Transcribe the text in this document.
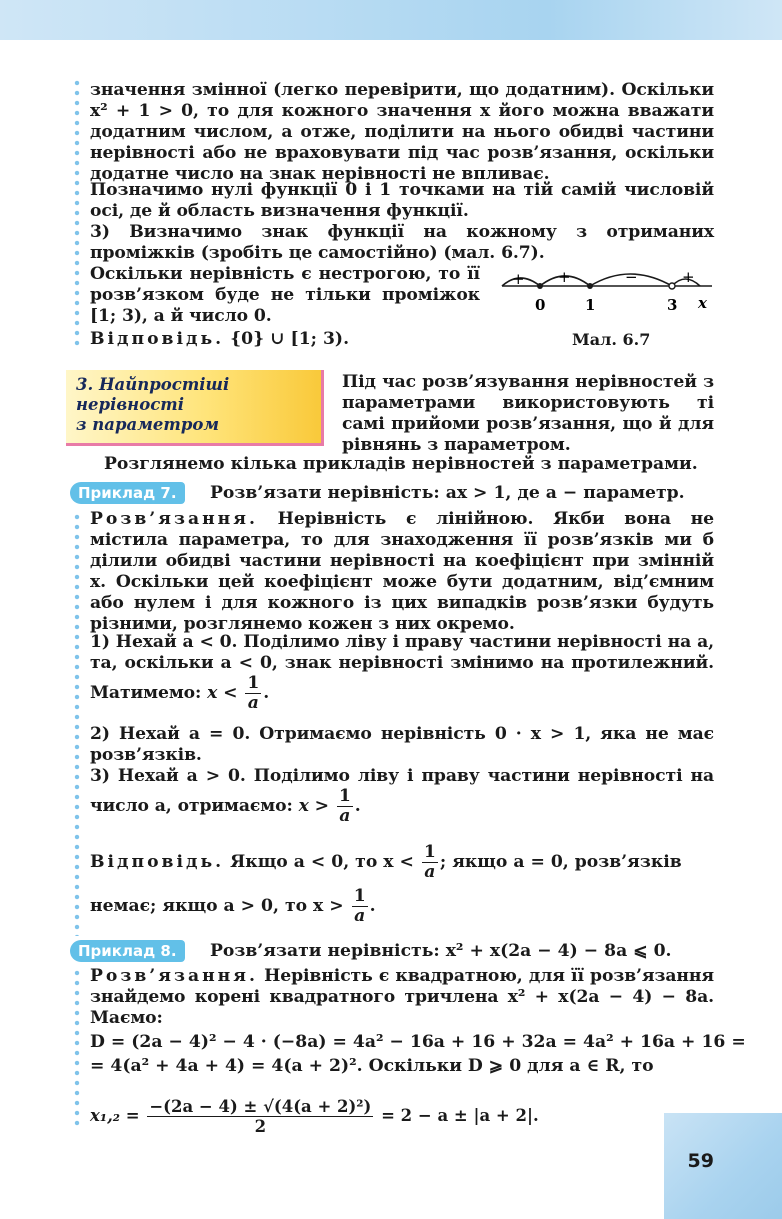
59
значення змінної (легко перевірити, що додатним). Оскільки x² + 1 > 0, то для кожного значення x його можна вважати додатним числом, а отже, поділити на нього обидві частини нерівності або не враховувати під час розв’язання, оскільки додатне число на знак нерівності не впливає.
Позначимо нулі функції 0 і 1 точками на тій самій числовій осі, де й область визначення функції.
3) Визначимо знак функції на кожному з отриманих проміжків (зробіть це самостійно) (мал. 6.7).
Оскільки нерівність є нестрогою, то її розв’язком буде не тільки проміжок [1; 3), а й число 0.
Відповідь. {0} ∪ [1; 3).
+ +	−	+
0	1	3 x
Мал. 6.7
3. Найпростіші
нерівності
з параметром
Під час розв’язування нерівностей з параметрами використовують ті самі прийоми розв’язання, що й для рівнянь з параметром.
Розглянемо кілька прикладів нерівностей з параметрами.
Приклад 7.	Розв’язати нерівність: ax > 1, де a − параметр.
Розв’язання. Нерівність є лінійною. Якби вона не містила параметра, то для знаходження її розв’язків ми б ділили обидві частини нерівності на коефіцієнт при змінній x. Оскільки цей коефіцієнт може бути додатним, від’ємним або нулем і для кожного із цих випадків розв’язки будуть різними, розглянемо кожен з них окремо.
1) Нехай a < 0. Поділимо ліву і праву частини нерівності на a, та, оскільки a < 0, знак нерівності змінимо на протилежний. Матимемо: $x < \frac{1}{a}$ .
2) Нехай a = 0. Отримаємо нерівність 0 · x > 1, яка не має розв’язків.
3) Нехай a > 0. Поділимо ліву і праву частини нерівності на число a, отримаємо: $x > \frac{1}{a}$ .
Відповідь. Якщо a < 0, то $x < \frac{1}{a}$ ; якщо a = 0, розв’язків
немає; якщо a > 0, то $x > \frac{1}{a}$ .
Приклад 8.	Розв’язати нерівність: x² + x(2a − 4) − 8a ⩽ 0.
Розв’язання. Нерівність є квадратною, для її розв’язання знайдемо корені квадратного тричлена x² + x(2a − 4) − 8a. Маємо:
D = (2a − 4)² − 4 · (−8a) = 4a² − 16a + 16 + 32a = 4a² + 16a + 16 =
= 4(a² + 4a + 4) = 4(a + 2)². Оскільки D ⩾ 0 для a ∈ R, то
$x_1,_2 = \frac{\text{−(2a − 4) ± √(4(a + 2)²)}}{2} = 2 - a \pm |a + 2|$.
